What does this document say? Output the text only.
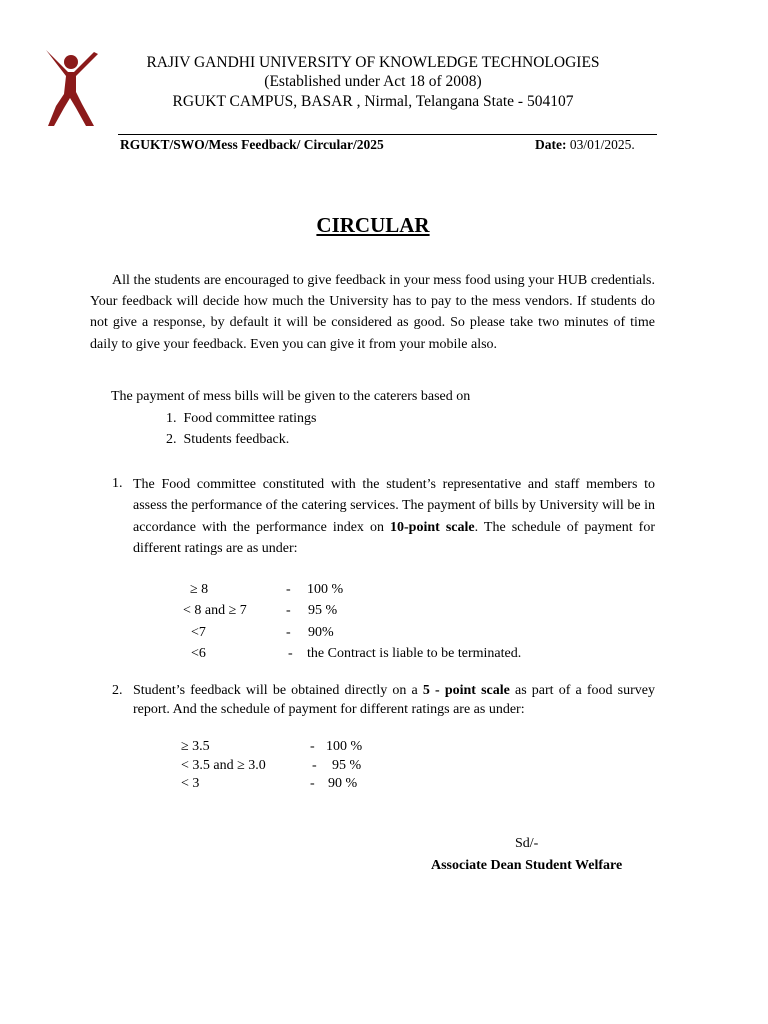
RAJIV GANDHI UNIVERSITY OF KNOWLEDGE TECHNOLOGIES
(Established under Act 18 of 2008)
RGUKT CAMPUS, BASAR , Nirmal, Telangana State - 504107
RGUKT/SWO/Mess Feedback/ Circular/2025	Date: 03/01/2025.
CIRCULAR

All the students are encouraged to give feedback in your mess food using your HUB credentials. Your feedback will decide how much the University has to pay to the mess vendors. If students do not give a response, by default it will be considered as good. So please take two minutes of time daily to give your feedback. Even you can give it from your mobile also.

The payment of mess bills will be given to the caterers based on
1. Food committee ratings
2. Students feedback.
1. The Food committee constituted with the student’s representative and staff members to assess the performance of the catering services. The payment of bills by University will be in accordance with the performance index on 10-point scale. The schedule of payment for different ratings are as under:
≥ 8	- 100 %
< 8 and ≥ 7	- 95 %
<7	- 90%
<6	- the Contract is liable to be terminated.
2. Student’s feedback will be obtained directly on a 5 - point scale as part of a food survey report. And the schedule of payment for different ratings are as under:
≥ 3.5	- 100 %
< 3.5 and ≥ 3.0	- 95 %
< 3	- 90 %
Sd/-
Associate Dean Student Welfare
